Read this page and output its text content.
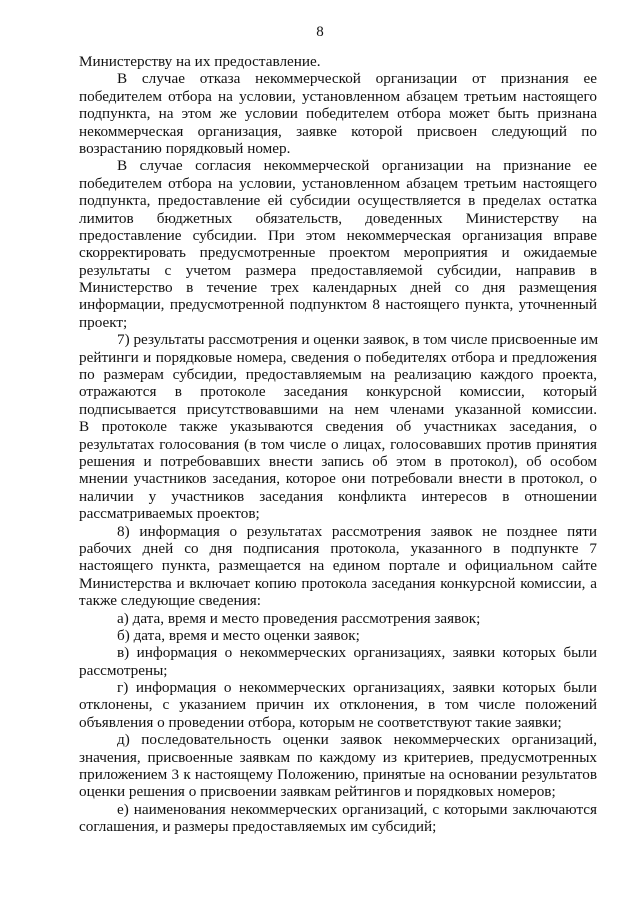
8
Министерству на их предоставление.
В случае отказа некоммерческой организации от признания ее
победителем отбора на условии, установленном абзацем третьим настоящего
подпункта, на этом же условии победителем отбора может быть признана
некоммерческая организация, заявке которой присвоен следующий по
возрастанию порядковый номер.
В случае согласия некоммерческой организации на признание ее
победителем отбора на условии, установленном абзацем третьим настоящего
подпункта, предоставление ей субсидии осуществляется в пределах остатка
лимитов бюджетных обязательств, доведенных Министерству на
предоставление субсидии. При этом некоммерческая организация вправе
скорректировать предусмотренные проектом мероприятия и ожидаемые
результаты с учетом размера предоставляемой субсидии, направив в
Министерство в течение трех календарных дней со дня размещения
информации, предусмотренной подпунктом 8 настоящего пункта, уточненный
проект;
7) результаты рассмотрения и оценки заявок, в том числе присвоенные им
рейтинги и порядковые номера, сведения о победителях отбора и предложения
по размерам субсидии, предоставляемым на реализацию каждого проекта,
отражаются в протоколе заседания конкурсной комиссии, который
подписывается присутствовавшими на нем членами указанной комиссии.
В протоколе также указываются сведения об участниках заседания, о
результатах голосования (в том числе о лицах, голосовавших против принятия
решения и потребовавших внести запись об этом в протокол), об особом
мнении участников заседания, которое они потребовали внести в протокол, о
наличии у участников заседания конфликта интересов в отношении
рассматриваемых проектов;
8) информация о результатах рассмотрения заявок не позднее пяти
рабочих дней со дня подписания протокола, указанного в подпункте 7
настоящего пункта, размещается на едином портале и официальном сайте
Министерства и включает копию протокола заседания конкурсной комиссии, а
также следующие сведения:
а) дата, время и место проведения рассмотрения заявок;
б) дата, время и место оценки заявок;
в) информация о некоммерческих организациях, заявки которых были
рассмотрены;
г) информация о некоммерческих организациях, заявки которых были
отклонены, с указанием причин их отклонения, в том числе положений
объявления о проведении отбора, которым не соответствуют такие заявки;
д) последовательность оценки заявок некоммерческих организаций,
значения, присвоенные заявкам по каждому из критериев, предусмотренных
приложением 3 к настоящему Положению, принятые на основании результатов
оценки решения о присвоении заявкам рейтингов и порядковых номеров;
е) наименования некоммерческих организаций, с которыми заключаются
соглашения, и размеры предоставляемых им субсидий;
